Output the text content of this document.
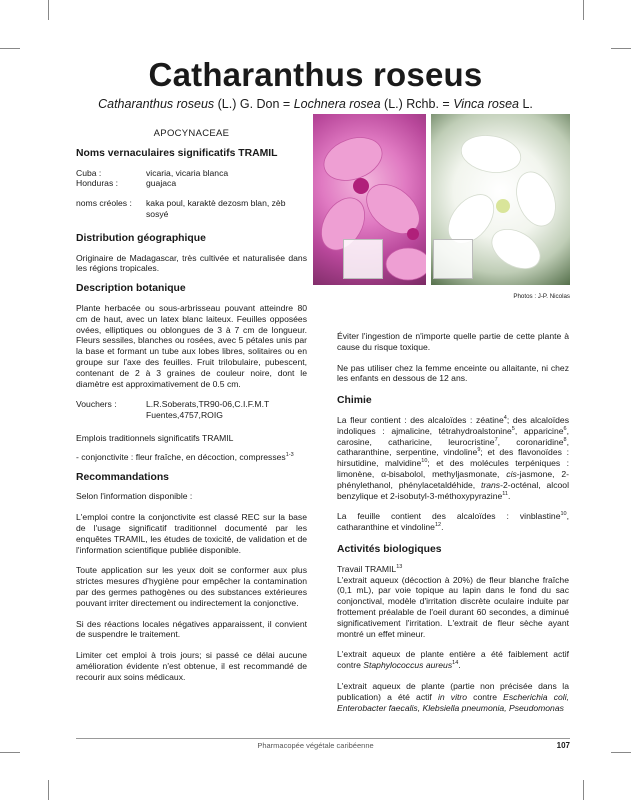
Catharanthus roseus
Catharanthus roseus (L.) G. Don = Lochnera rosea (L.) Rchb. = Vinca rosea L.
Photos : J-P. Nicolas
APOCYNACEAE
Noms vernaculaires significatifs TRAMIL
Cuba :	vicaria, vicaria blanca
Honduras :	guajaca
noms créoles :	kaka poul, karaktè dezosm blan, zèb sosyé
Distribution géographique

Originaire de Madagascar, très cultivée et naturalisée dans les régions tropicales.

Description botanique

Plante herbacée ou sous-arbrisseau pouvant atteindre 80 cm de haut, avec un latex blanc laiteux. Feuilles opposées ovées, elliptiques ou oblongues de 3 à 7 cm de longueur. Fleurs sessiles, blanches ou rosées, avec 5 pétales unis par la base et formant un tube aux lobes libres, solitaires ou en groupe sur l'axe des feuilles. Fruit trilobulaire, pubescent, contenant de 2 à 3 graines de couleur noire, dont le diamètre est approximativement de 0.5 cm.

Vouchers :	L.R.Soberats,TR90-06,C.I.F.M.T Fuentes,4757,ROIG

Emplois traditionnels significatifs TRAMIL

- conjonctivite : fleur fraîche, en décoction, compresses$^{1-3}$

Recommandations

Selon l'information disponible :

L'emploi contre la conjonctivite est classé REC sur la base de l'usage significatif traditionnel documenté par les enquêtes TRAMIL, les études de toxicité, de validation et de l'information scientifique publiée disponible.

Toute application sur les yeux doit se conformer aux plus strictes mesures d'hygiène pour empêcher la contamination par des germes pathogènes ou des substances extérieures pouvant irriter directement ou indirectement la conjonctive.

Si des réactions locales négatives apparaissent, il convient de suspendre le traitement.

Limiter cet emploi à trois jours; si passé ce délai aucune amélioration évidente n'est obtenue, il est recommandé de recourir aux soins médicaux.

Éviter l'ingestion de n'importe quelle partie de cette plante à cause du risque toxique.

Ne pas utiliser chez la femme enceinte ou allaitante, ni chez les enfants en dessous de 12 ans.

Chimie

La fleur contient : des alcaloïdes : zéatine$^4$; des alcaloïdes indoliques : ajmalicine, tétrahydroalstonine$^5$, apparicine$^6$, carosine, catharicine, leurocristine$^7$, coronaridine$^8$, catharanthine, serpentine, vindoline$^9$; et des flavonoïdes : hirsutidine, malvidine$^{10}$; et des molécules terpéniques : limonène, α-bisabolol, methyljasmonate, cis-jasmone, 2-phénylethanol, phénylacetaldéhide, trans-2-octénal, alcool benzylique et 2-isobutyl-3-méthoxypyrazine$^{11}$.

La feuille contient des alcaloïdes : vinblastine$^{10}$, catharanthine et vindoline$^{12}$.

Activités biologiques
Travail TRAMIL$^{13}$

L'extrait aqueux (décoction à 20%) de fleur blanche fraîche (0,1 mL), par voie topique au lapin dans le fond du sac conjonctival, modèle d'irritation discrète oculaire induite par frottement préalable de l'oeil durant 60 secondes, a diminué significativement l'irritation. L'extrait de fleur sèche ayant montré un effet mineur.

L'extrait aqueux de plante entière a été faiblement actif contre Staphylococcus aureus$^{14}$.

L'extrait aqueux de plante (partie non précisée dans la publication) a été actif in vitro contre Escherichia coli, Enterobacter faecalis, Klebsiella pneumonia, Pseudomonas

Pharmacopée végétale caribéenne	107
